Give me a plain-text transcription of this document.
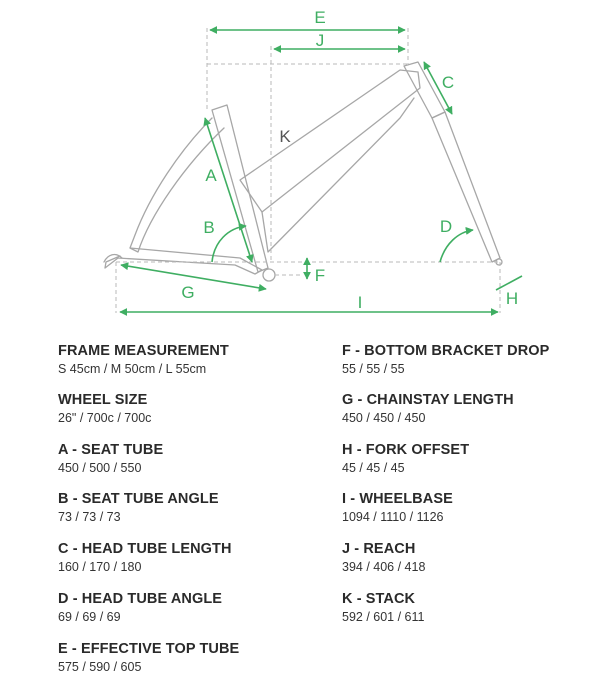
E
J
C
A
B	D
F
G	H
I
K
FRAME MEASUREMENT
S 45cm / M 50cm / L 55cm
WHEEL SIZE
26" / 700c / 700c
A - SEAT TUBE
450 / 500 / 550
B - SEAT TUBE ANGLE
73 / 73 / 73
C - HEAD TUBE LENGTH
160 / 170 / 180
D - HEAD TUBE ANGLE
69 / 69 / 69
E - EFFECTIVE TOP TUBE
575 / 590 / 605
F - BOTTOM BRACKET DROP
55 / 55 / 55
G - CHAINSTAY LENGTH
450 / 450 / 450
H - FORK OFFSET
45 / 45 / 45
I - WHEELBASE
1094 / 1110 / 1126
J - REACH
394 / 406 / 418
K - STACK
592 / 601 / 611
